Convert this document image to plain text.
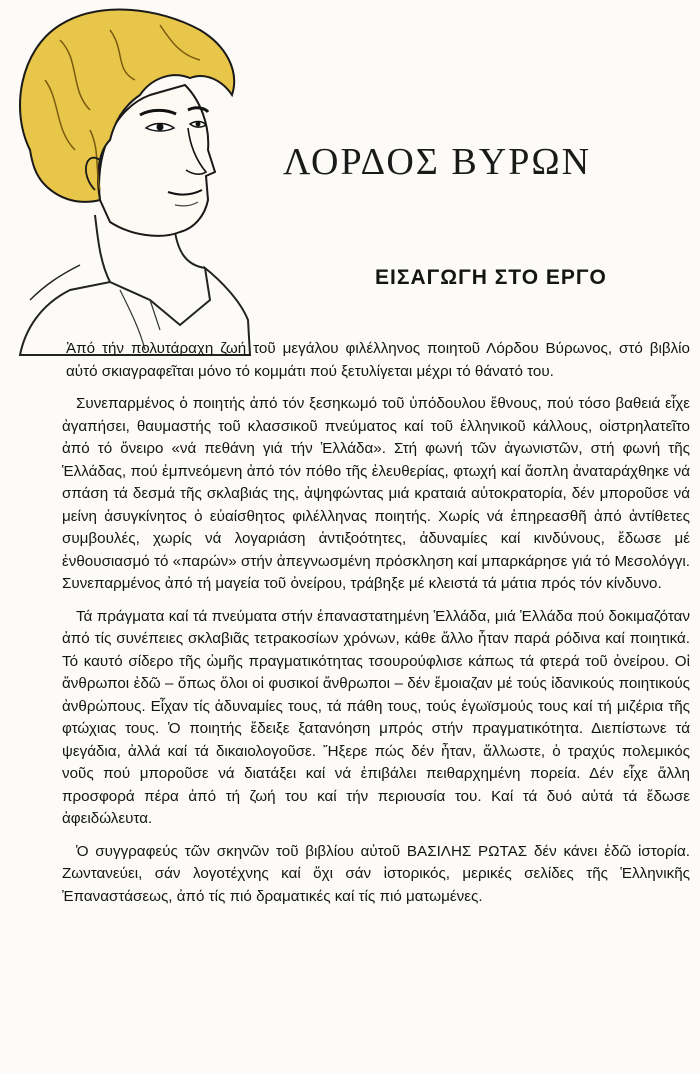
ΛΟΡΔΟΣ ΒΥΡΩΝ
ΕΙΣΑΓΩΓΗ ΣΤΟ ΕΡΓΟ

Ἀπό τήν πολυτάραχη ζωή τοῦ μεγάλου φιλέλληνος ποιητοῦ Λόρδου Βύρωνος, στό βιβλίο αὐτό σκιαγραφεῖται μόνο τό κομμάτι πού ξετυλίγεται μέχρι τό θάνατό του.

Συνεπαρμένος ὁ ποιητής ἀπό τόν ξεσηκωμό τοῦ ὑπόδουλου ἔθνους, πού τόσο βαθειά εἶχε ἀγαπήσει, θαυμαστής τοῦ κλασσικοῦ πνεύματος καί τοῦ ἑλληνικοῦ κάλλους, οἰστρηλατεῖτο ἀπό τό ὄνειρο «νά πεθάνη γιά τήν Ἑλλάδα». Στή φωνή τῶν ἀγωνιστῶν, στή φωνή τῆς Ἑλλάδας, πού ἐμπνεόμενη ἀπό τόν πόθο τῆς ἐλευθερίας, φτωχή καί ἄοπλη ἀναταράχθηκε νά σπάση τά δεσμά τῆς σκλαβιάς της, ἀψηφώντας μιά κραταιά αὐτοκρατορία, δέν μποροῦσε νά μείνη ἀσυγκίνητος ὁ εὐαίσθητος φιλέλληνας ποιητής. Χωρίς νά ἐπηρεασθῆ ἀπό ἀντίθετες συμβουλές, χωρίς νά λογαριάση ἀντιξοότητες, ἀδυναμίες καί κινδύνους, ἔδωσε μέ ἐνθουσιασμό τό «παρών» στήν ἀπεγνωσμένη πρόσκληση καί μπαρκάρησε γιά τό Μεσολόγγι. Συνεπαρμένος ἀπό τή μαγεία τοῦ ὀνείρου, τράβηξε μέ κλειστά τά μάτια πρός τόν κίνδυνο.

Τά πράγματα καί τά πνεύματα στήν ἐπαναστατημένη Ἑλλάδα, μιά Ἑλλάδα πού δοκιμαζόταν ἀπό τίς συνέπειες σκλαβιᾶς τετρακοσίων χρόνων, κάθε ἄλλο ἦταν παρά ρόδινα καί ποιητικά. Τό καυτό σίδερο τῆς ὠμῆς πραγματικότητας τσουρούφλισε κάπως τά φτερά τοῦ ὀνείρου. Οἱ ἄνθρωποι ἐδῶ – ὅπως ὅλοι οἱ φυσικοί ἄνθρωποι – δέν ἔμοιαζαν μέ τούς ἰδανικούς ποιητικούς ἀνθρώπους. Εἶχαν τίς ἀδυναμίες τους, τά πάθη τους, τούς ἐγωϊσμούς τους καί τή μιζέρια τῆς φτώχιας τους. Ὁ ποιητής ἔδειξε ξατανόηση μπρός στήν πραγματικότητα. Διεπίστωνε τά ψεγάδια, ἀλλά καί τά δικαιολογοῦσε. Ἤξερε πώς δέν ἦταν, ἄλλωστε, ὁ τραχύς πολεμικός νοῦς πού μποροῦσε νά διατάξει καί νά ἐπιβάλει πειθαρχημένη πορεία. Δέν εἶχε ἄλλη προσφορά πέρα ἀπό τή ζωή του καί τήν περιουσία του. Καί τά δυό αὐτά τά ἔδωσε ἀφειδώλευτα.

Ὁ συγγραφεύς τῶν σκηνῶν τοῦ βιβλίου αὐτοῦ ΒΑΣΙΛΗΣ ΡΩΤΑΣ δέν κάνει ἐδῶ ἱστορία. Ζωντανεύει, σάν λογοτέχνης καί ὄχι σάν ἱστορικός, μερικές σελίδες τῆς Ἑλληνικῆς Ἐπαναστάσεως, ἀπό τίς πιό δραματικές καί τίς πιό ματωμένες.
